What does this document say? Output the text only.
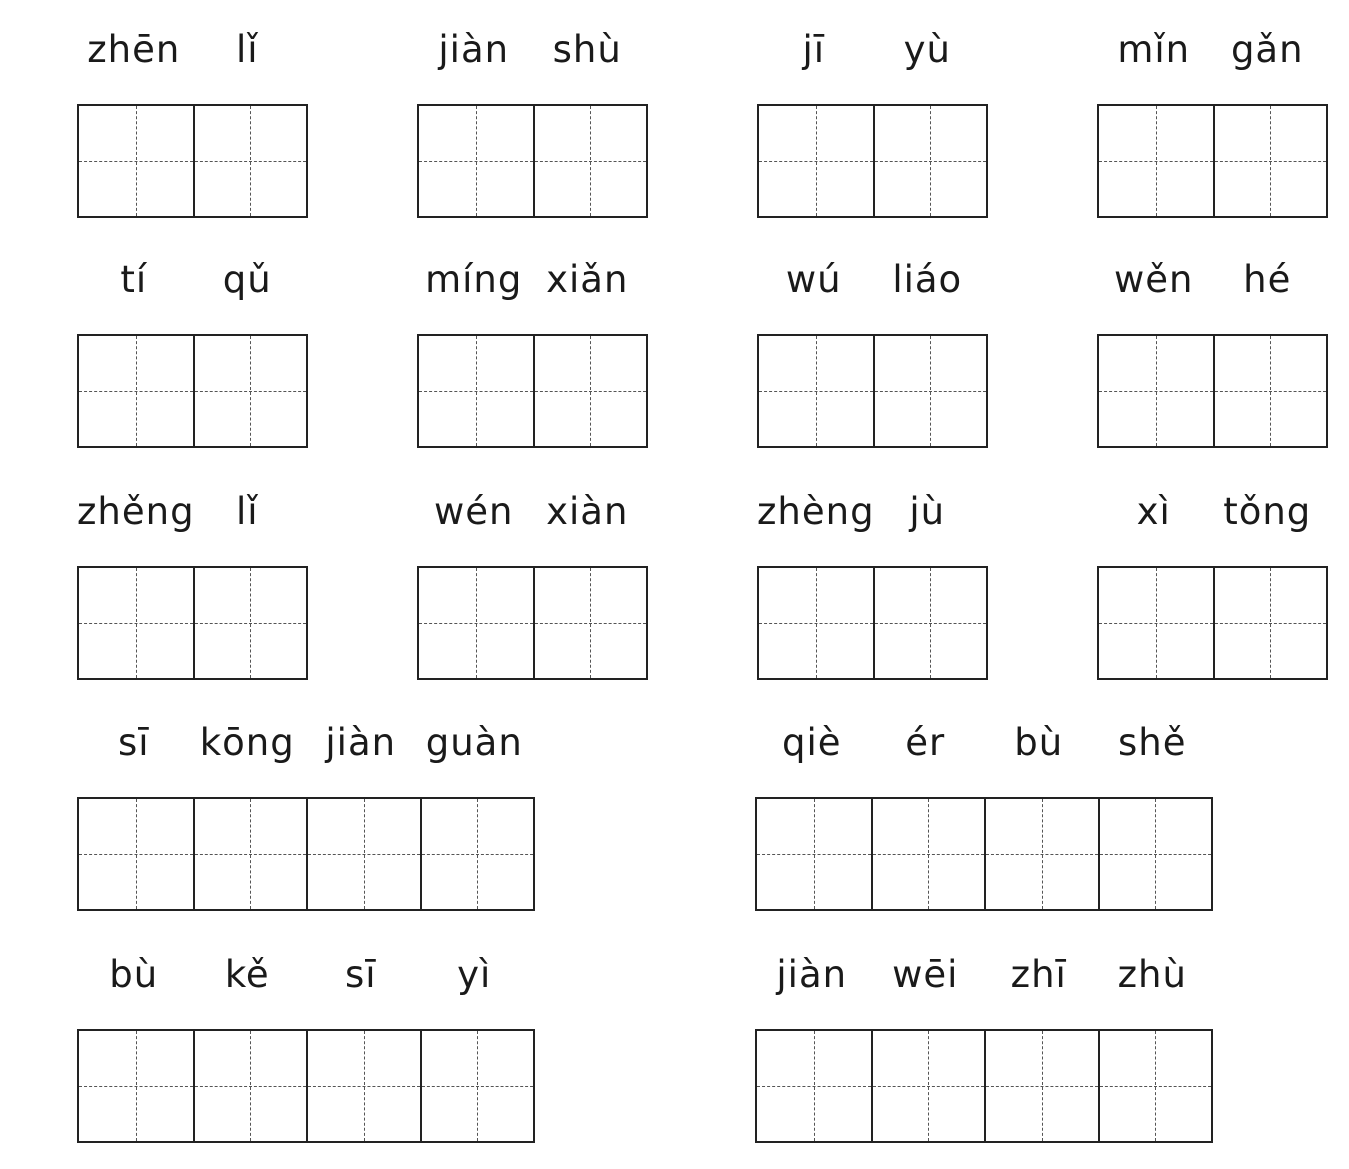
zhēn	lǐ	jiàn	shù	jī	yù	mǐn	gǎn
tí	qǔ	míng xiǎn	wú	liáo	wěn	hé
zhěng	lǐ	wén xiàn	zhèng jù	xì	tǒng
sī	kōng jiàn guàn	qiè	ér	bù	shě
bù	kě	sī	yì	jiàn	wēi	zhī	zhù
